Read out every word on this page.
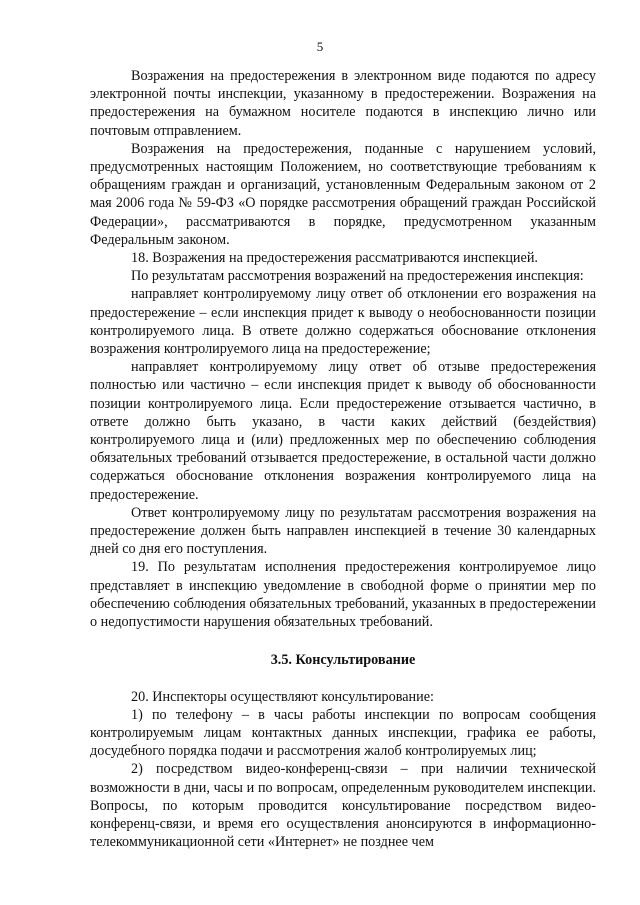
5

Возражения на предостережения в электронном виде подаются по адресу электронной почты инспекции, указанному в предостережении. Возражения на предостережения на бумажном носителе подаются в инспекцию лично или почтовым отправлением.

Возражения на предостережения, поданные с нарушением условий, предусмотренных настоящим Положением, но соответствующие требованиям к обращениям граждан и организаций, установленным Федеральным законом от 2 мая 2006 года № 59-ФЗ «О порядке рассмотрения обращений граждан Российской Федерации», рассматриваются в порядке, предусмотренном указанным Федеральным законом.

18. Возражения на предостережения рассматриваются инспекцией.

По результатам рассмотрения возражений на предостережения инспекция:

направляет контролируемому лицу ответ об отклонении его возражения на предостережение – если инспекция придет к выводу о необоснованности позиции контролируемого лица. В ответе должно содержаться обоснование отклонения возражения контролируемого лица на предостережение;

направляет контролируемому лицу ответ об отзыве предостережения полностью или частично – если инспекция придет к выводу об обоснованности позиции контролируемого лица. Если предостережение отзывается частично, в ответе должно быть указано, в части каких действий (бездействия) контролируемого лица и (или) предложенных мер по обеспечению соблюдения обязательных требований отзывается предостережение, в остальной части должно содержаться обоснование отклонения возражения контролируемого лица на предостережение.

Ответ контролируемому лицу по результатам рассмотрения возражения на предостережение должен быть направлен инспекцией в течение 30 календарных дней со дня его поступления.

19. По результатам исполнения предостережения контролируемое лицо представляет в инспекцию уведомление в свободной форме о принятии мер по обеспечению соблюдения обязательных требований, указанных в предостережении о недопустимости нарушения обязательных требований.

3.5. Консультирование

20. Инспекторы осуществляют консультирование:

1) по телефону – в часы работы инспекции по вопросам сообщения контролируемым лицам контактных данных инспекции, графика ее работы, досудебного порядка подачи и рассмотрения жалоб контролируемых лиц;

2) посредством видео-конференц-связи – при наличии технической возможности в дни, часы и по вопросам, определенным руководителем инспекции. Вопросы, по которым проводится консультирование посредством видео-конференц-связи, и время его осуществления анонсируются в информационно-телекоммуникационной сети «Интернет» не позднее чем
